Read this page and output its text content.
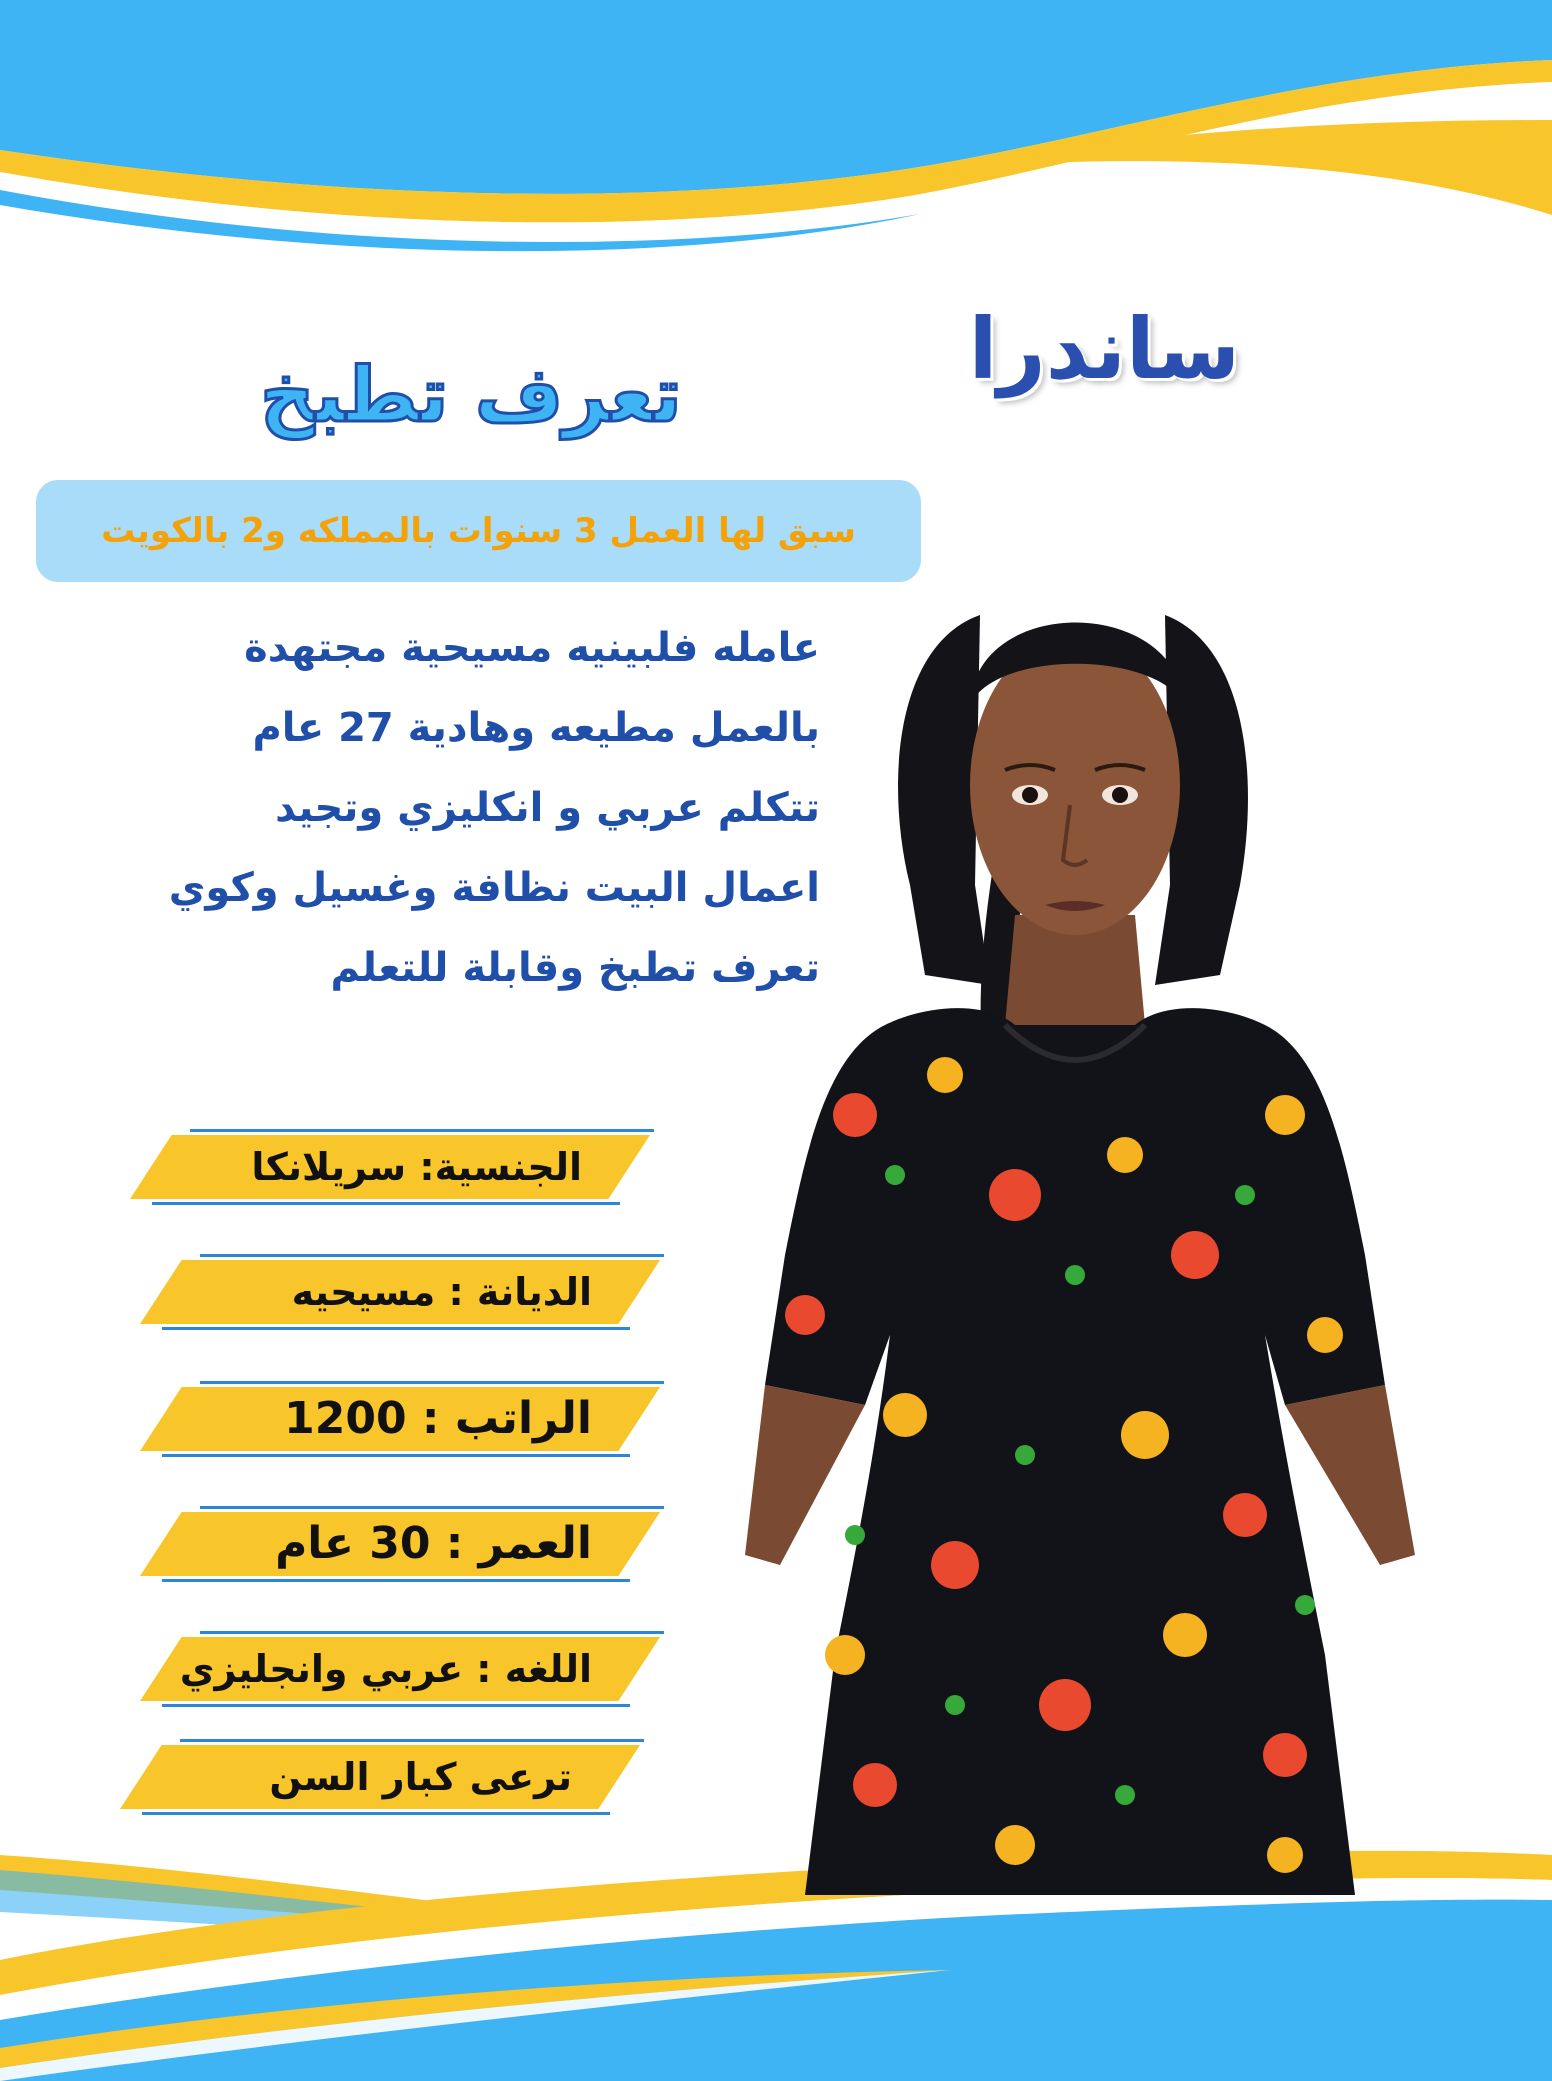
ساندرا
تعرف تطبخ
سبق لها العمل 3 سنوات بالمملكه و2 بالكويت
عامله فلبينيه مسيحية مجتهدة
بالعمل مطيعه وهادية 27 عام
تتكلم عربي و انكليزي وتجيد
اعمال البيت نظافة وغسيل وكوي
تعرف تطبخ وقابلة للتعلم
الجنسية: سريلانكا
الديانة : مسيحيه
الراتب : 1200
العمر : 30 عام
اللغه : عربي وانجليزي
ترعى كبار السن
